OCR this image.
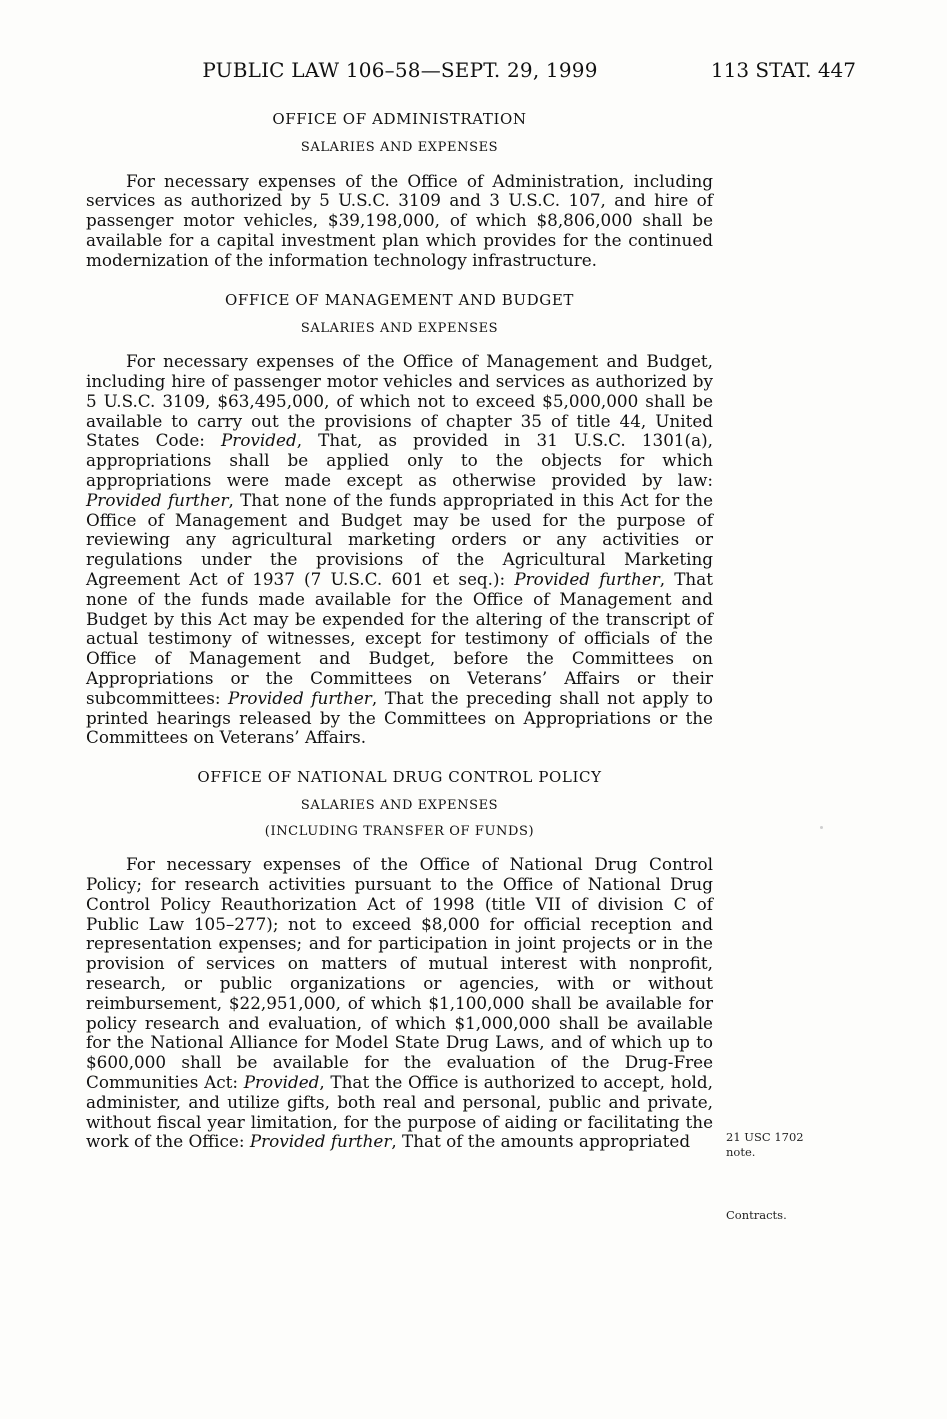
PUBLIC LAW 106–58—SEPT. 29, 1999	113 STAT. 447

OFFICE OF ADMINISTRATION

SALARIES AND EXPENSES

For necessary expenses of the Office of Administration, including services as authorized by 5 U.S.C. 3109 and 3 U.S.C. 107, and hire of passenger motor vehicles, $39,198,000, of which $8,806,000 shall be available for a capital investment plan which provides for the continued modernization of the information technology infrastructure.

OFFICE OF MANAGEMENT AND BUDGET

SALARIES AND EXPENSES

For necessary expenses of the Office of Management and Budget, including hire of passenger motor vehicles and services as authorized by 5 U.S.C. 3109, $63,495,000, of which not to exceed $5,000,000 shall be available to carry out the provisions of chapter 35 of title 44, United States Code: Provided, That, as provided in 31 U.S.C. 1301(a), appropriations shall be applied only to the objects for which appropriations were made except as otherwise provided by law: Provided further, That none of the funds appropriated in this Act for the Office of Management and Budget may be used for the purpose of reviewing any agricultural marketing orders or any activities or regulations under the provisions of the Agricultural Marketing Agreement Act of 1937 (7 U.S.C. 601 et seq.): Provided further, That none of the funds made available for the Office of Management and Budget by this Act may be expended for the altering of the transcript of actual testimony of witnesses, except for testimony of officials of the Office of Management and Budget, before the Committees on Appropriations or the Committees on Veterans’ Affairs or their subcommittees: Provided further, That the preceding shall not apply to printed hearings released by the Committees on Appropriations or the Committees on Veterans’ Affairs.

OFFICE OF NATIONAL DRUG CONTROL POLICY

SALARIES AND EXPENSES

(INCLUDING TRANSFER OF FUNDS)

For necessary expenses of the Office of National Drug Control Policy; for research activities pursuant to the Office of National Drug Control Policy Reauthorization Act of 1998 (title VII of division C of Public Law 105–277); not to exceed $8,000 for official reception and representation expenses; and for participation in joint projects or in the provision of services on matters of mutual interest with nonprofit, research, or public organizations or agencies, with or without reimbursement, $22,951,000, of which $1,100,000 shall be available for policy research and evaluation, of which $1,000,000 shall be available for the National Alliance for Model State Drug Laws, and of which up to $600,000 shall be available for the evaluation of the Drug-Free Communities Act: Provided, That the Office is authorized to accept, hold, administer, and utilize gifts, both real and personal, public and private, without fiscal year limitation, for the purpose of aiding or facilitating the work of the Office: Provided further, That of the amounts appropriated	21 USC 1702
note.
Contracts.
